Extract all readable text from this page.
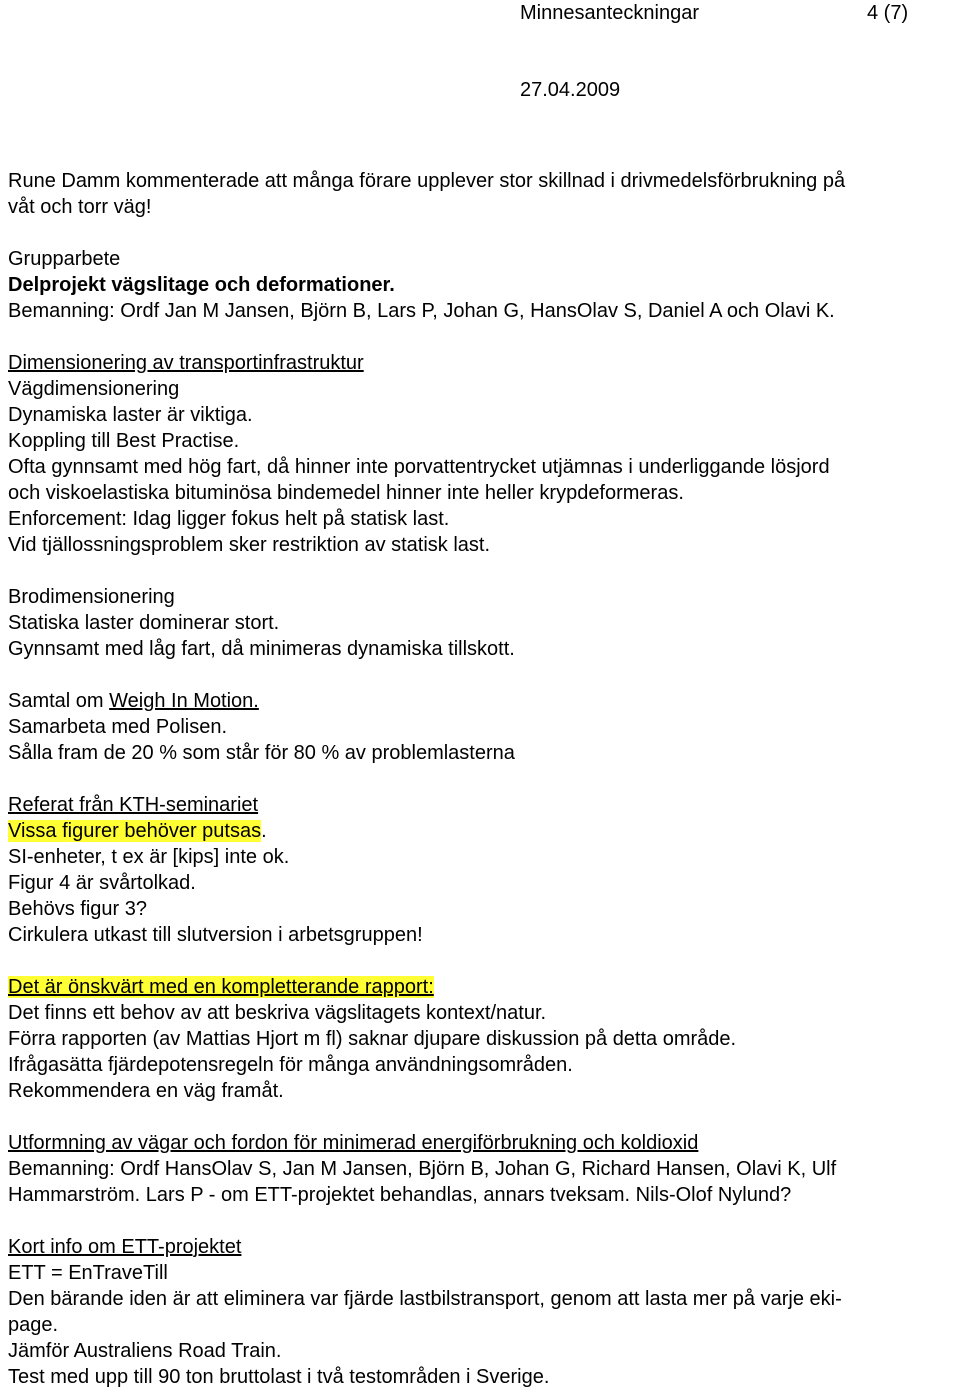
Minnesanteckningar	4 (7)
27.04.2009
Rune Damm kommenterade att många förare upplever stor skillnad i drivmedelsförbrukning på
våt och torr väg!
Grupparbete
Delprojekt vägslitage och deformationer.
Bemanning: Ordf Jan M Jansen, Björn B, Lars P, Johan G, HansOlav S, Daniel A och Olavi K.
Dimensionering av transportinfrastruktur
Vägdimensionering
Dynamiska laster är viktiga.
Koppling till Best Practise.
Ofta gynnsamt med hög fart, då hinner inte porvattentrycket utjämnas i underliggande lösjord
och viskoelastiska bituminösa bindemedel hinner inte heller krypdeformeras.
Enforcement: Idag ligger fokus helt på statisk last.
Vid tjällossningsproblem sker restriktion av statisk last.
Brodimensionering
Statiska laster dominerar stort.
Gynnsamt med låg fart, då minimeras dynamiska tillskott.
Samtal om Weigh In Motion.
Samarbeta med Polisen.
Sålla fram de 20 % som står för 80 % av problemlasterna
Referat från KTH-seminariet
Vissa figurer behöver putsas.
SI-enheter, t ex är [kips] inte ok.
Figur 4 är svårtolkad.
Behövs figur 3?
Cirkulera utkast till slutversion i arbetsgruppen!
Det är önskvärt med en kompletterande rapport:
Det finns ett behov av att beskriva vägslitagets kontext/natur.
Förra rapporten (av Mattias Hjort m fl) saknar djupare diskussion på detta område.
Ifrågasätta fjärdepotensregeln för många användningsområden.
Rekommendera en väg framåt.
Utformning av vägar och fordon för minimerad energiförbrukning och koldioxid
Bemanning: Ordf HansOlav S, Jan M Jansen, Björn B, Johan G, Richard Hansen, Olavi K, Ulf
Hammarström. Lars P - om ETT-projektet behandlas, annars tveksam. Nils-Olof Nylund?
Kort info om ETT-projektet
ETT = EnTraveTill
Den bärande iden är att eliminera var fjärde lastbilstransport, genom att lasta mer på varje eki-
page.
Jämför Australiens Road Train.
Test med upp till 90 ton bruttolast i två testområden i Sverige.
